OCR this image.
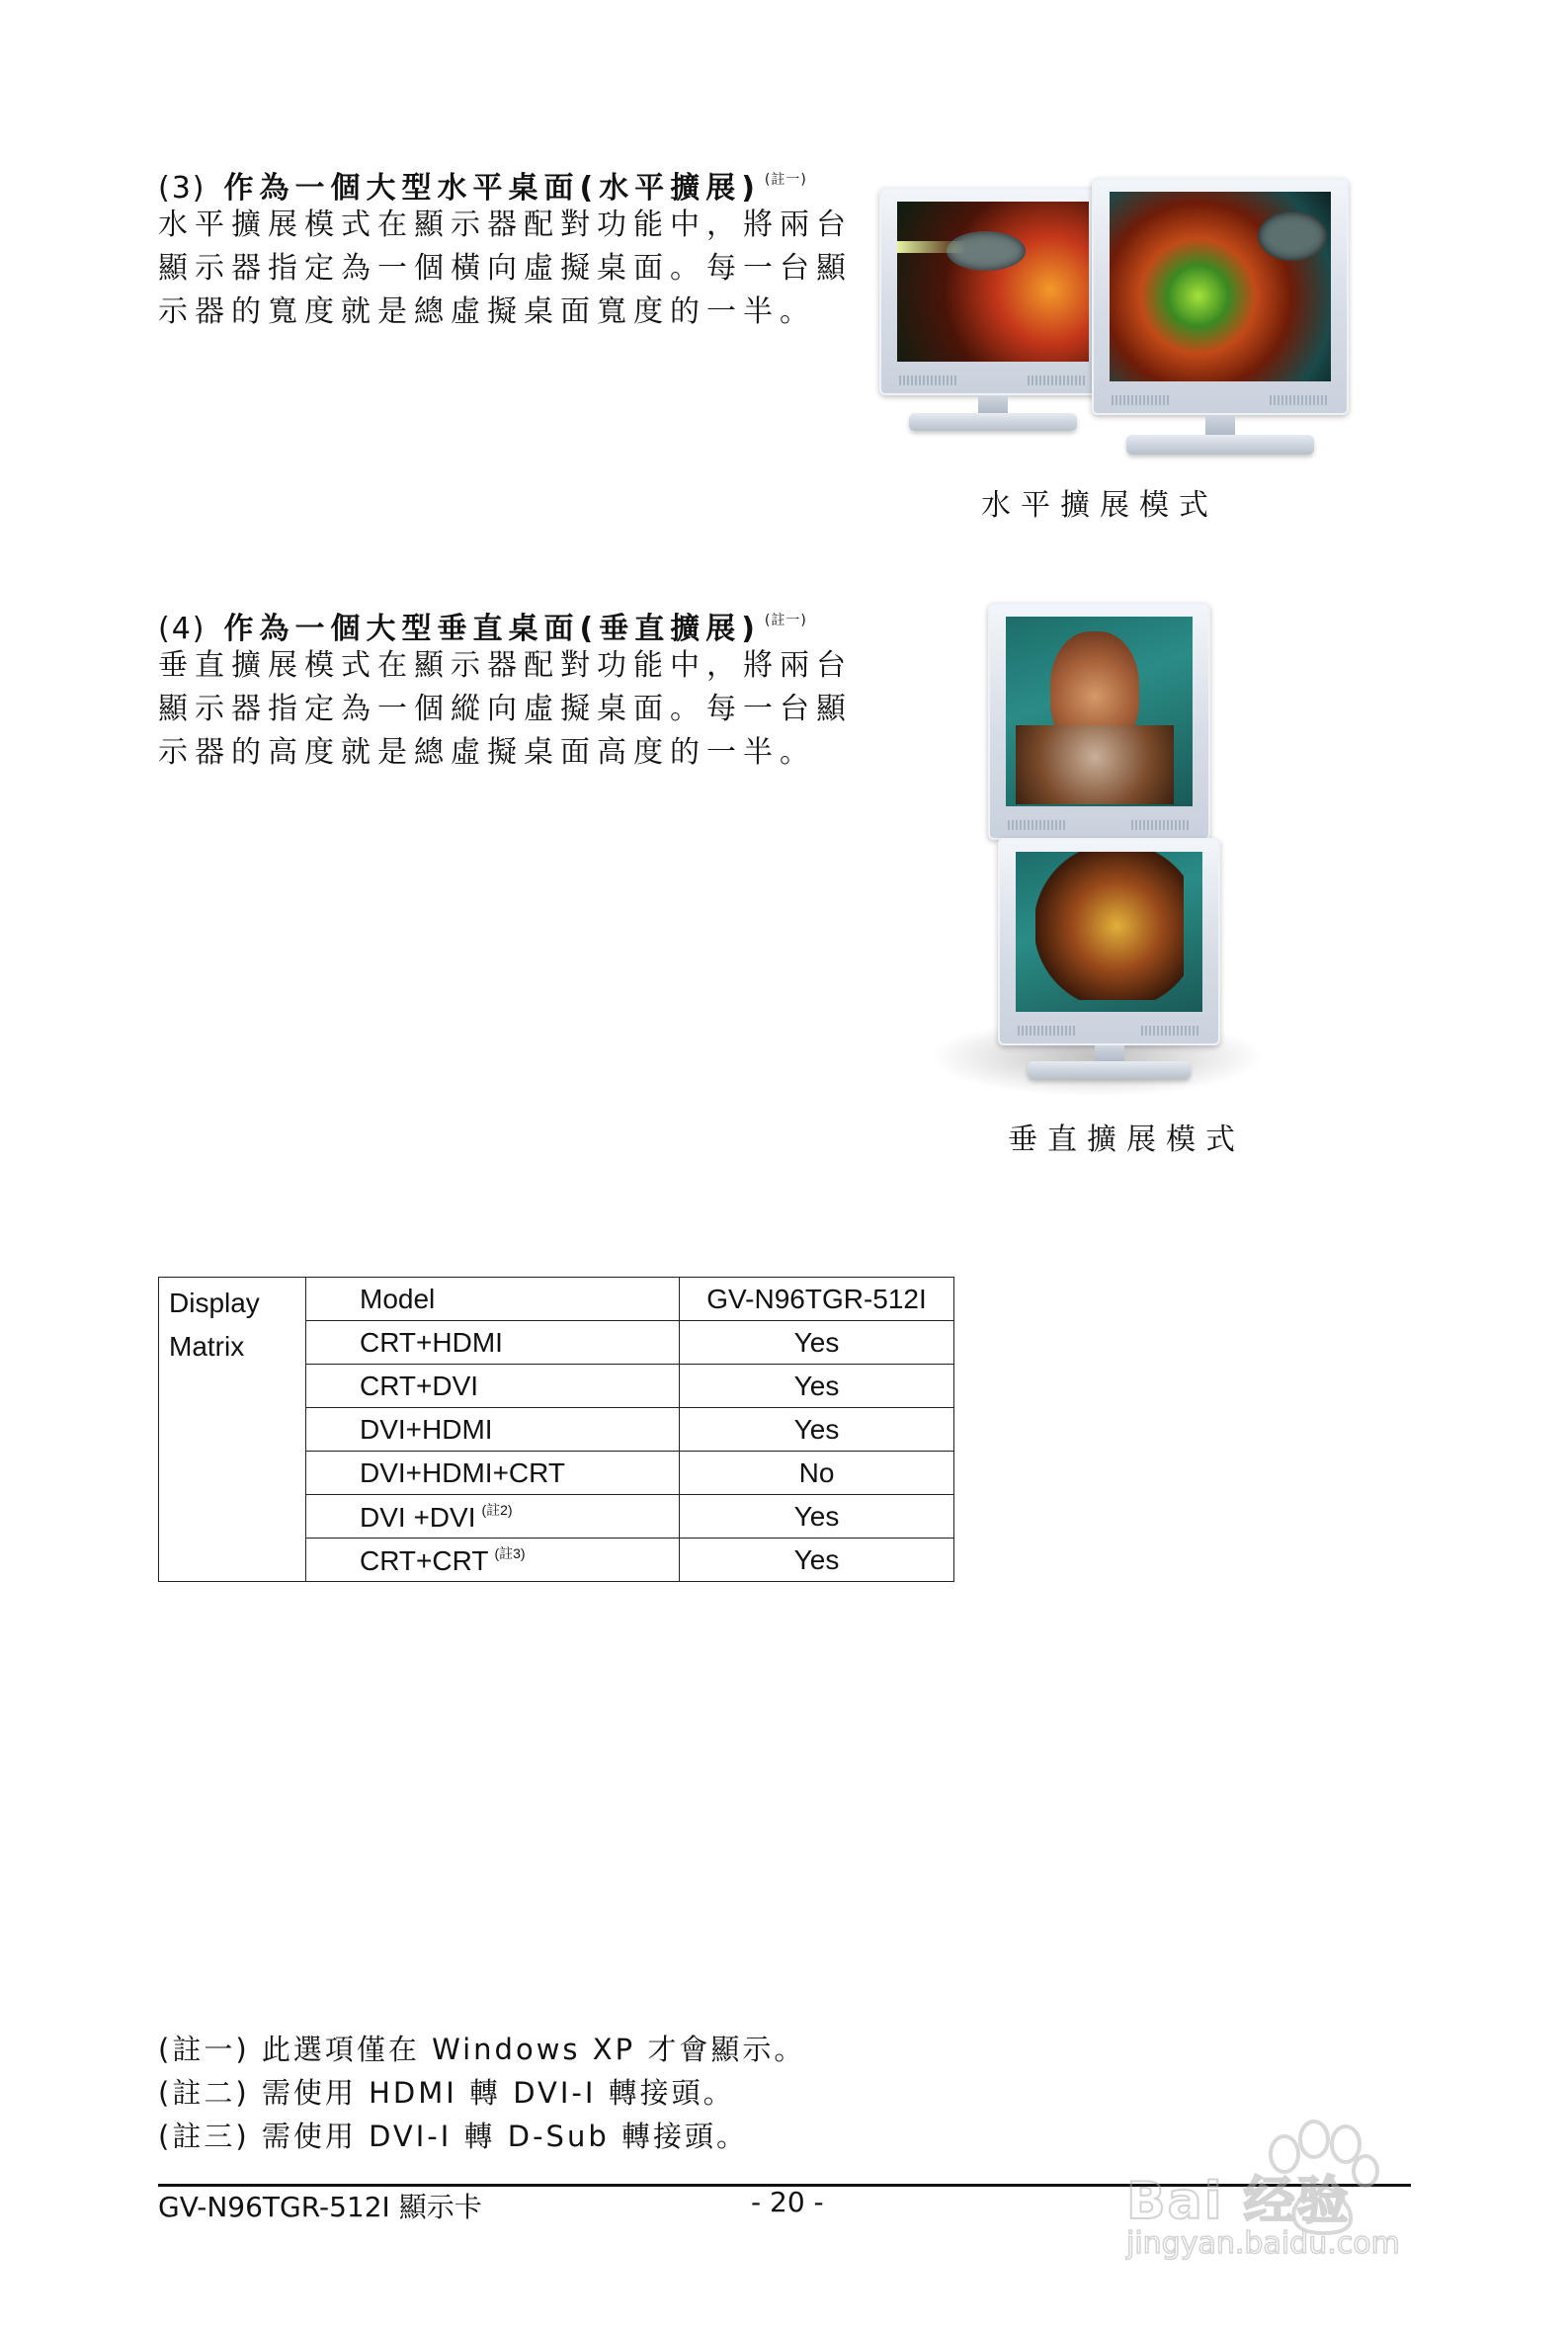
(3) 作為一個大型水平桌面(水平擴展) $^{(註一)}$
水平擴展模式在顯示器配對功能中，將兩台
顯示器指定為一個橫向虛擬桌面。每一台顯
示器的寬度就是總虛擬桌面寬度的一半。
水平擴展模式
(4) 作為一個大型垂直桌面(垂直擴展) $^{(註一)}$
垂直擴展模式在顯示器配對功能中，將兩台
顯示器指定為一個縱向虛擬桌面。每一台顯
示器的高度就是總虛擬桌面高度的一半。
垂直擴展模式
Display
Matrix	Model	GV-N96TGR-512I
	CRT+HDMI	Yes
	CRT+DVI	Yes
	DVI+HDMI	Yes
	DVI+HDMI+CRT	No
	DVI +DVI $^{(註2)}$	Yes
	CRT+CRT $^{(註3)}$	Yes
(註一) 此選項僅在 Windows XP 才會顯示。
(註二) 需使用 HDMI 轉 DVI-I 轉接頭。
(註三) 需使用 DVI-I 轉 D-Sub 轉接頭。
GV-N96TGR-512I 顯示卡	- 20 -	Bai 经验
jingyan.baidu.com
